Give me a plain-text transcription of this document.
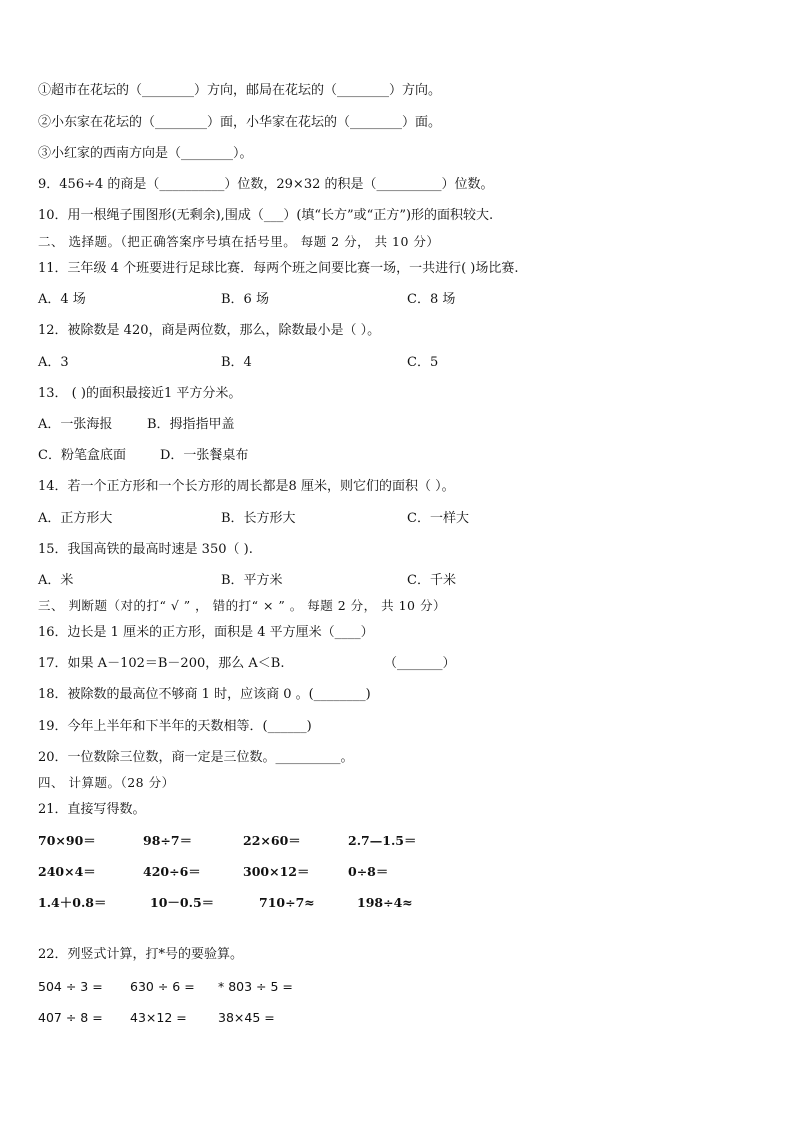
①超市在花坛的（________）方向，邮局在花坛的（________）方向。
②小东家在花坛的（________）面，小华家在花坛的（________）面。
③小红家的西南方向是（________）。
9．456÷4 的商是（__________）位数，29×32 的积是（__________）位数。
10．用一根绳子围图形(无剩余),围成（___）(填“长方”或“正方”)形的面积较大.
二、 选择题。（把正确答案序号填在括号里。 每题 2 分， 共 10 分）
11．三年级 4 个班要进行足球比赛．每两个班之间要比赛一场，一共进行( )场比赛.
A．4 场	B．6 场	C．8 场
12．被除数是 420，商是两位数，那么，除数最小是（ ）。
A．3	B．4	C．5
13． ( )的面积最接近1 平方分米。
A．一张海报	B．拇指指甲盖
C．粉笔盒底面	D．一张餐桌布
14．若一个正方形和一个长方形的周长都是8 厘米，则它们的面积（ ）。
A．正方形大	B．长方形大	C．一样大
15．我国高铁的最高时速是 350（ ).
A．米	B．平方米	C．千米
三、 判断题（对的打“ √ ” ， 错的打“ × ” 。 每题 2 分， 共 10 分）
16．边长是 1 厘米的正方形，面积是 4 平方厘米（____）
17．如果 A－102＝B－200，那么 A＜B.	（_______）
18．被除数的最高位不够商 1 时，应该商 0 。(________)
19．今年上半年和下半年的天数相等．(______)
20．一位数除三位数，商一定是三位数。__________。
四、 计算题。（28 分）
21．直接写得数。
70×90＝	98÷7＝	22×60＝	2.7—1.5＝
240×4＝	420÷6＝	300×12＝	0÷8＝
1.4＋0.8＝	10－0.5＝	710÷7≈	198÷4≈
22．列竖式计算，打*号的要验算。
504 ÷ 3 = 630 ÷ 6 = * 803 ÷ 5 =
407 ÷ 8 = 43×12 =	38×45 =
